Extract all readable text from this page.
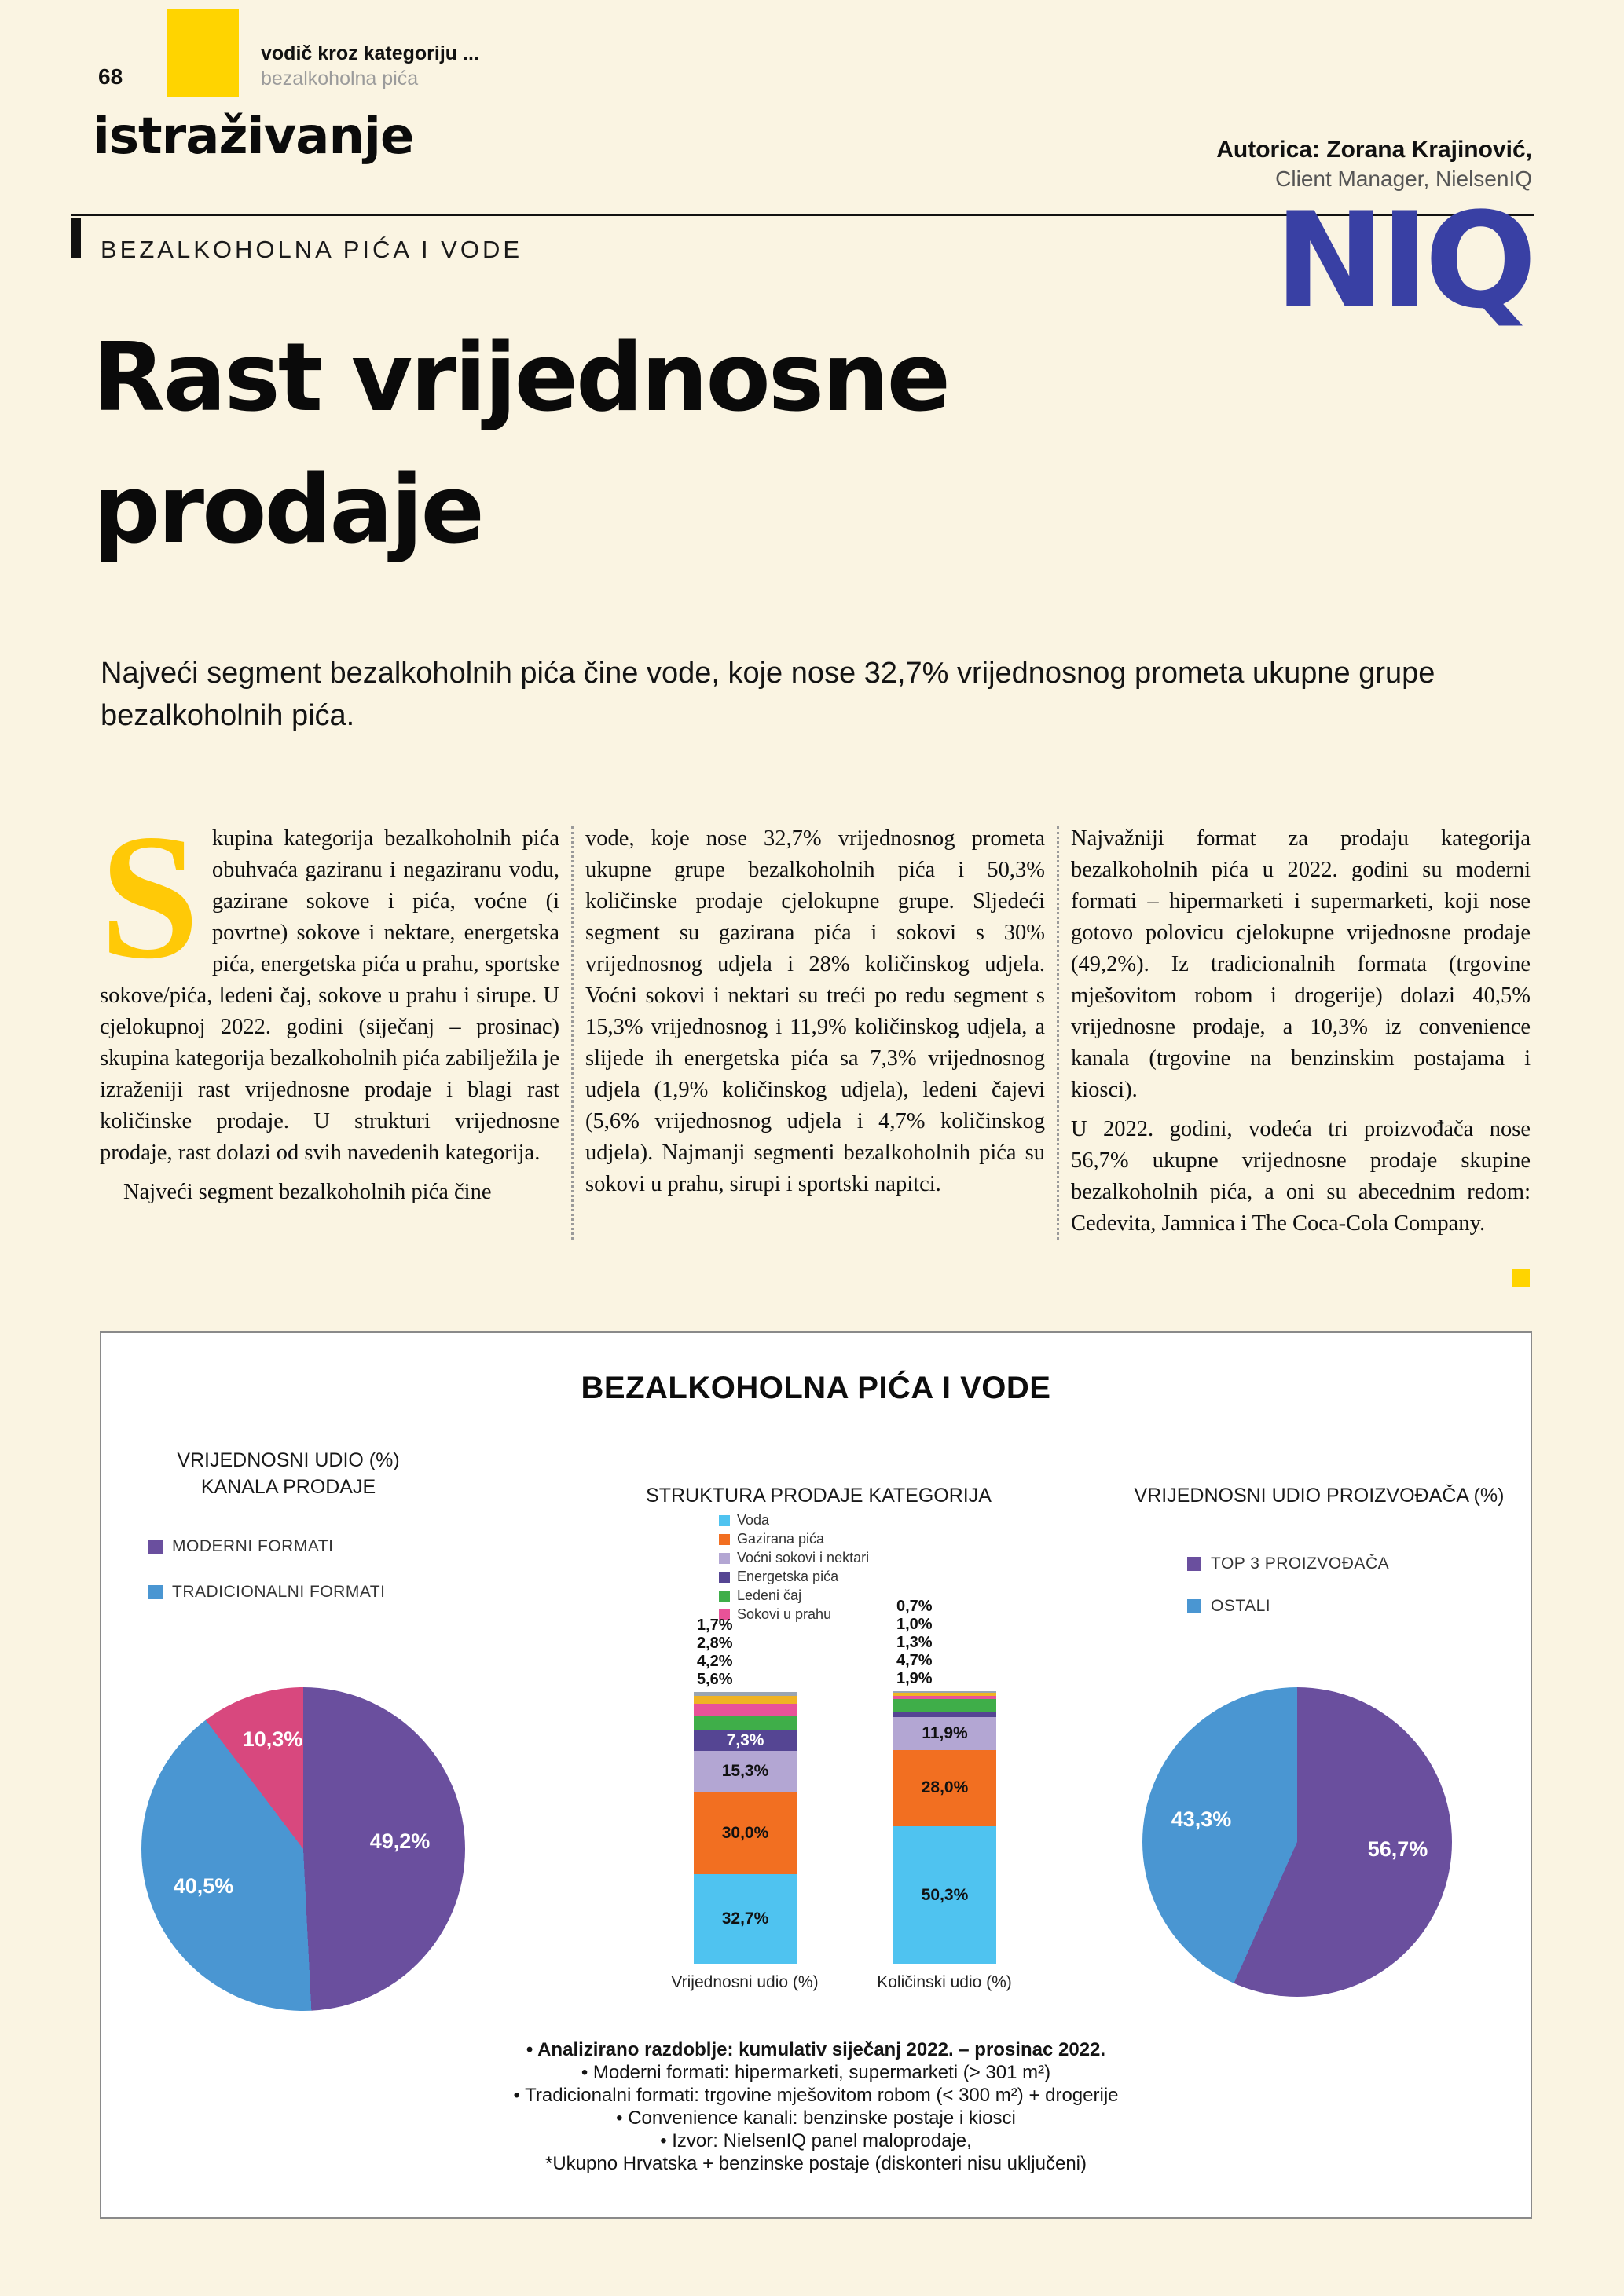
68
vodič kroz kategoriju ...
bezalkoholna pića
istraživanje	Autorica: Zorana Krajinović,
Client Manager, NielsenIQ
BEZALKOHOLNA PIĆA I VODE	NIQ
Rast vrijednosne
prodaje

Najveći segment bezalkoholnih pića čine vode, koje nose 32,7% vrijednosnog prometa ukupne grupe bezalkoholnih pića.

Skupina kategorija bezalkoholnih pića obuhvaća gaziranu i negaziranu vodu, gazirane sokove i pića, voćne (i povrtne) sokove i nektare, energetska pića, energetska pića u prahu, sportske sokove/pića, ledeni čaj, sokove u prahu i sirupe. U cjelokupnoj 2022. godini (siječanj – prosinac) skupina kategorija bezalkoholnih pića zabilježila je izraženiji rast vrijednosne prodaje i blagi rast količinske prodaje. U strukturi vrijednosne prodaje, rast dolazi od svih navedenih kategorija.

Najveći segment bezalkoholnih pića čine

vode, koje nose 32,7% vrijednosnog prometa ukupne grupe bezalkoholnih pića i 50,3% količinske prodaje cjelokupne grupe. Sljedeći segment su gazirana pića i sokovi s 30% vrijednosnog udjela i 28% količinskog udjela. Voćni sokovi i nektari su treći po redu segment s 15,3% vrijednosnog i 11,9% količinskog udjela, a slijede ih energetska pića sa 7,3% vrijednosnog udjela (1,9% količinskog udjela), ledeni čajevi (5,6% vrijednosnog udjela i 4,7% količinskog udjela). Najmanji segmenti bezalkoholnih pića su sokovi u prahu, sirupi i sportski napitci.

Najvažniji format za prodaju kategorija bezalkoholnih pića u 2022. godini su moderni formati – hipermarketi i supermarketi, koji nose gotovo polovicu cjelokupne vrijednosne prodaje (49,2%). Iz tradicionalnih formata (trgovine mješovitom robom i drogerije) dolazi 40,5% vrijednosne prodaje, a 10,3% iz convenience kanala (trgovine na benzinskim postajama i kiosci).

U 2022. godini, vodeća tri proizvođača nose 56,7% ukupne vrijednosne prodaje skupine bezalkoholnih pića, a oni su abecednim redom: Cedevita, Jamnica i The Coca-Cola Company.

BEZALKOHOLNA PIĆA I VODE
VRIJEDNOSNI UDIO (%)
KANALA PRODAJE
MODERNI FORMATI
TRADICIONALNI FORMATI
49,2%
40,5%
10,3%
STRUKTURA PRODAJE KATEGORIJA
Voda
Gazirana pića
Voćni sokovi i nektari
Energetska pića
Ledeni čaj
Sokovi u prahu
32,7%
30,0%
15,3%
7,3%
1,7%
2,8%
4,2%
5,6%
50,3%
28,0%
11,9%
0,7%
1,0%
1,3%
4,7%
1,9%
Vrijednosni udio (%)	Količinski udio (%)
VRIJEDNOSNI UDIO PROIZVOĐAČA (%)
TOP 3 PROIZVOĐAČA
OSTALI
56,7%
43,3%
• Analizirano razdoblje: kumulativ siječanj 2022. – prosinac 2022.
• Moderni formati: hipermarketi, supermarketi (> 301 m²)
• Tradicionalni formati: trgovine mješovitom robom (< 300 m²) + drogerije
• Convenience kanali: benzinske postaje i kiosci
• Izvor: NielsenIQ panel maloprodaje,
*Ukupno Hrvatska + benzinske postaje (diskonteri nisu uključeni)
